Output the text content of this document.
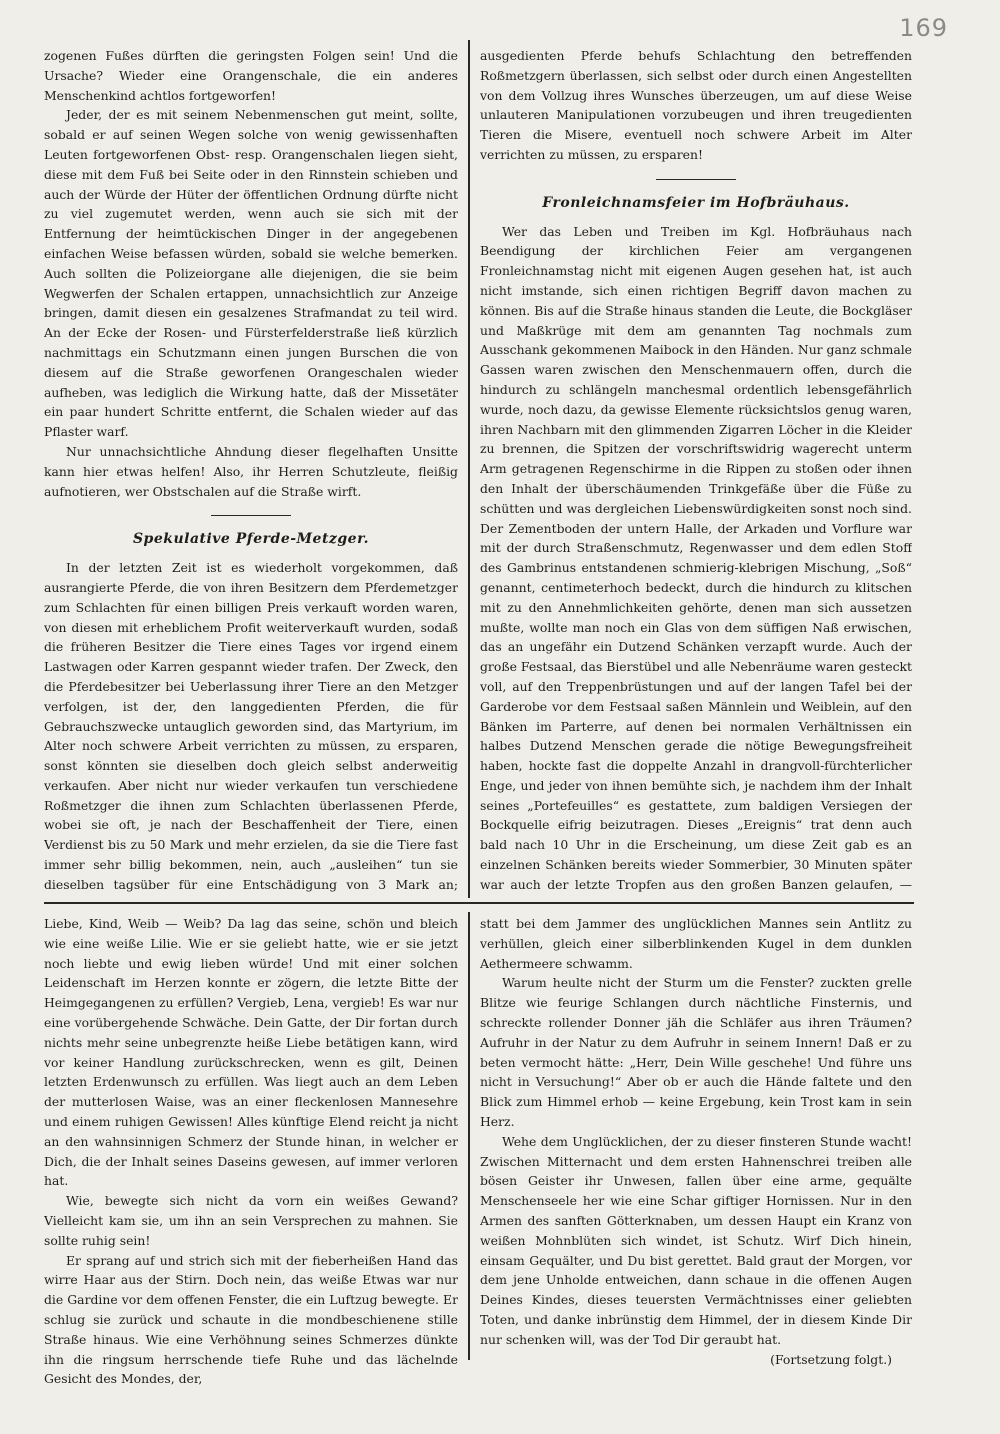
169

zogenen Fußes dürften die geringsten Folgen sein! Und die Ursache? Wieder eine Orangenschale, die ein anderes Menschenkind achtlos fortgeworfen!

Jeder, der es mit seinem Nebenmenschen gut meint, sollte, sobald er auf seinen Wegen solche von wenig gewissenhaften Leuten fortgeworfenen Obst- resp. Orangenschalen liegen sieht, diese mit dem Fuß bei Seite oder in den Rinnstein schieben und auch der Würde der Hüter der öffentlichen Ordnung dürfte nicht zu viel zugemutet werden, wenn auch sie sich mit der Entfernung der heimtückischen Dinger in der angegebenen einfachen Weise befassen würden, sobald sie welche bemerken. Auch sollten die Polizeiorgane alle diejenigen, die sie beim Wegwerfen der Schalen ertappen, unnachsichtlich zur Anzeige bringen, damit diesen ein gesalzenes Strafmandat zu teil wird. An der Ecke der Rosen- und Fürsterfelderstraße ließ kürzlich nachmittags ein Schutzmann einen jungen Burschen die von diesem auf die Straße geworfenen Orangeschalen wieder aufheben, was lediglich die Wirkung hatte, daß der Missetäter ein paar hundert Schritte entfernt, die Schalen wieder auf das Pflaster warf.

Nur unnachsichtliche Ahndung dieser flegelhaften Unsitte kann hier etwas helfen! Also, ihr Herren Schutzleute, fleißig aufnotieren, wer Obstschalen auf die Straße wirft.

Spekulative Pferde-Metzger.

In der letzten Zeit ist es wiederholt vorgekommen, daß ausrangierte Pferde, die von ihren Besitzern dem Pferdemetzger zum Schlachten für einen billigen Preis verkauft worden waren, von diesen mit erheblichem Profit weiterverkauft wurden, sodaß die früheren Besitzer die Tiere eines Tages vor irgend einem Lastwagen oder Karren gespannt wieder trafen. Der Zweck, den die Pferdebesitzer bei Ueberlassung ihrer Tiere an den Metzger verfolgen, ist der, den langgedienten Pferden, die für Gebrauchszwecke untauglich geworden sind, das Martyrium, im Alter noch schwere Arbeit verrichten zu müssen, zu ersparen, sonst könnten sie dieselben doch gleich selbst anderweitig verkaufen. Aber nicht nur wieder verkaufen tun verschiedene Roßmetzger die ihnen zum Schlachten überlassenen Pferde, wobei sie oft, je nach der Beschaffenheit der Tiere, einen Verdienst bis zu 50 Mark und mehr erzielen, da sie die Tiere fast immer sehr billig bekommen, nein, auch „ausleihen“ tun sie dieselben tagsüber für eine Entschädigung von 3 Mark an;

ausgedienten Pferde behufs Schlachtung den betreffenden Roßmetzgern überlassen, sich selbst oder durch einen Angestellten von dem Vollzug ihres Wunsches überzeugen, um auf diese Weise unlauteren Manipulationen vorzubeugen und ihren treugedienten Tieren die Misere, eventuell noch schwere Arbeit im Alter verrichten zu müssen, zu ersparen!

Fronleichnamsfeier im Hofbräuhaus.

Wer das Leben und Treiben im Kgl. Hofbräuhaus nach Beendigung der kirchlichen Feier am vergangenen Fronleichnamstag nicht mit eigenen Augen gesehen hat, ist auch nicht imstande, sich einen richtigen Begriff davon machen zu können. Bis auf die Straße hinaus standen die Leute, die Bockgläser und Maßkrüge mit dem am genannten Tag nochmals zum Ausschank gekommenen Maibock in den Händen. Nur ganz schmale Gassen waren zwischen den Menschenmauern offen, durch die hindurch zu schlängeln manchesmal ordentlich lebensgefährlich wurde, noch dazu, da gewisse Elemente rücksichtslos genug waren, ihren Nachbarn mit den glimmenden Zigarren Löcher in die Kleider zu brennen, die Spitzen der vorschriftswidrig wagerecht unterm Arm getragenen Regenschirme in die Rippen zu stoßen oder ihnen den Inhalt der überschäumenden Trinkgefäße über die Füße zu schütten und was dergleichen Liebenswürdigkeiten sonst noch sind. Der Zementboden der untern Halle, der Arkaden und Vorflure war mit der durch Straßenschmutz, Regenwasser und dem edlen Stoff des Gambrinus entstandenen schmierig-klebrigen Mischung, „Soß“ genannt, centimeterhoch bedeckt, durch die hindurch zu klitschen mit zu den Annehmlichkeiten gehörte, denen man sich aussetzen mußte, wollte man noch ein Glas von dem süffigen Naß erwischen, das an ungefähr ein Dutzend Schänken verzapft wurde. Auch der große Festsaal, das Bierstübel und alle Nebenräume waren gesteckt voll, auf den Treppenbrüstungen und auf der langen Tafel bei der Garderobe vor dem Festsaal saßen Männlein und Weiblein, auf den Bänken im Parterre, auf denen bei normalen Verhältnissen ein halbes Dutzend Menschen gerade die nötige Bewegungsfreiheit haben, hockte fast die doppelte Anzahl in drangvoll-fürchterlicher Enge, und jeder von ihnen bemühte sich, je nachdem ihm der Inhalt seines „Portefeuilles“ es gestattete, zum baldigen Versiegen der Bockquelle eifrig beizutragen. Dieses „Ereignis“ trat denn auch bald nach 10 Uhr in die Erscheinung, um diese Zeit gab es an einzelnen Schänken bereits wieder Sommerbier, 30 Minuten später war auch der letzte Tropfen aus den großen Banzen gelaufen, —

Liebe, Kind, Weib — Weib? Da lag das seine, schön und bleich wie eine weiße Lilie. Wie er sie geliebt hatte, wie er sie jetzt noch liebte und ewig lieben würde! Und mit einer solchen Leidenschaft im Herzen konnte er zögern, die letzte Bitte der Heimgegangenen zu erfüllen? Vergieb, Lena, vergieb! Es war nur eine vorübergehende Schwäche. Dein Gatte, der Dir fortan durch nichts mehr seine unbegrenzte heiße Liebe betätigen kann, wird vor keiner Handlung zurückschrecken, wenn es gilt, Deinen letzten Erdenwunsch zu erfüllen. Was liegt auch an dem Leben der mutterlosen Waise, was an einer fleckenlosen Mannesehre und einem ruhigen Gewissen! Alles künftige Elend reicht ja nicht an den wahnsinnigen Schmerz der Stunde hinan, in welcher er Dich, die der Inhalt seines Daseins gewesen, auf immer verloren hat.

Wie, bewegte sich nicht da vorn ein weißes Gewand? Vielleicht kam sie, um ihn an sein Versprechen zu mahnen. Sie sollte ruhig sein!

Er sprang auf und strich sich mit der fieberheißen Hand das wirre Haar aus der Stirn. Doch nein, das weiße Etwas war nur die Gardine vor dem offenen Fenster, die ein Luftzug bewegte. Er schlug sie zurück und schaute in die mondbeschienene stille Straße hinaus. Wie eine Verhöhnung seines Schmerzes dünkte ihn die ringsum herrschende tiefe Ruhe und das lächelnde Gesicht des Mondes, der,

statt bei dem Jammer des unglücklichen Mannes sein Antlitz zu verhüllen, gleich einer silberblinkenden Kugel in dem dunklen Aethermeere schwamm.

Warum heulte nicht der Sturm um die Fenster? zuckten grelle Blitze wie feurige Schlangen durch nächtliche Finsternis, und schreckte rollender Donner jäh die Schläfer aus ihren Träumen? Aufruhr in der Natur zu dem Aufruhr in seinem Innern! Daß er zu beten vermocht hätte: „Herr, Dein Wille geschehe! Und führe uns nicht in Versuchung!“ Aber ob er auch die Hände faltete und den Blick zum Himmel erhob — keine Ergebung, kein Trost kam in sein Herz.

Wehe dem Unglücklichen, der zu dieser finsteren Stunde wacht! Zwischen Mitternacht und dem ersten Hahnenschrei treiben alle bösen Geister ihr Unwesen, fallen über eine arme, gequälte Menschenseele her wie eine Schar giftiger Hornissen. Nur in den Armen des sanften Götterknaben, um dessen Haupt ein Kranz von weißen Mohnblüten sich windet, ist Schutz. Wirf Dich hinein, einsam Gequälter, und Du bist gerettet. Bald graut der Morgen, vor dem jene Unholde entweichen, dann schaue in die offenen Augen Deines Kindes, dieses teuersten Vermächtnisses einer geliebten Toten, und danke inbrünstig dem Himmel, der in diesem Kinde Dir nur schenken will, was der Tod Dir geraubt hat.

(Fortsetzung folgt.)
